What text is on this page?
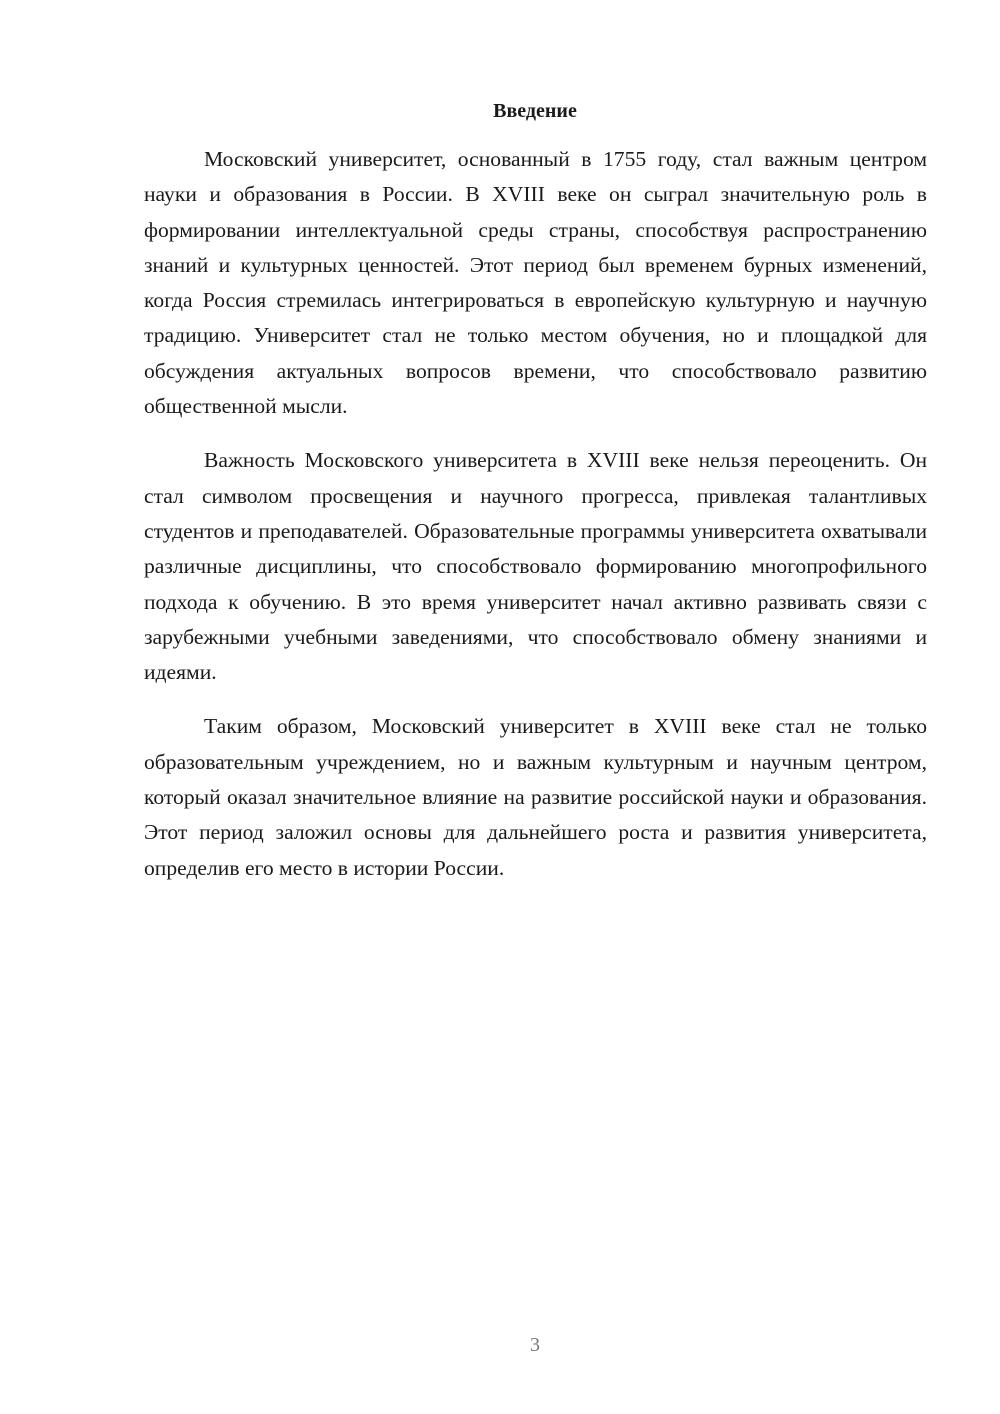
Введение

Московский университет, основанный в 1755 году, стал важным центром науки и образования в России. В XVIII веке он сыграл значительную роль в формировании интеллектуальной среды страны, способствуя распространению знаний и культурных ценностей. Этот период был временем бурных изменений, когда Россия стремилась интегрироваться в европейскую культурную и научную традицию. Университет стал не только местом обучения, но и площадкой для обсуждения актуальных вопросов времени, что способствовало развитию общественной мысли.

Важность Московского университета в XVIII веке нельзя переоценить. Он стал символом просвещения и научного прогресса, привлекая талантливых студентов и преподавателей. Образовательные программы университета охватывали различные дисциплины, что способствовало формированию многопрофильного подхода к обучению. В это время университет начал активно развивать связи с зарубежными учебными заведениями, что способствовало обмену знаниями и идеями.

Таким образом, Московский университет в XVIII веке стал не только образовательным учреждением, но и важным культурным и научным центром, который оказал значительное влияние на развитие российской науки и образования. Этот период заложил основы для дальнейшего роста и развития университета, определив его место в истории России.

3
